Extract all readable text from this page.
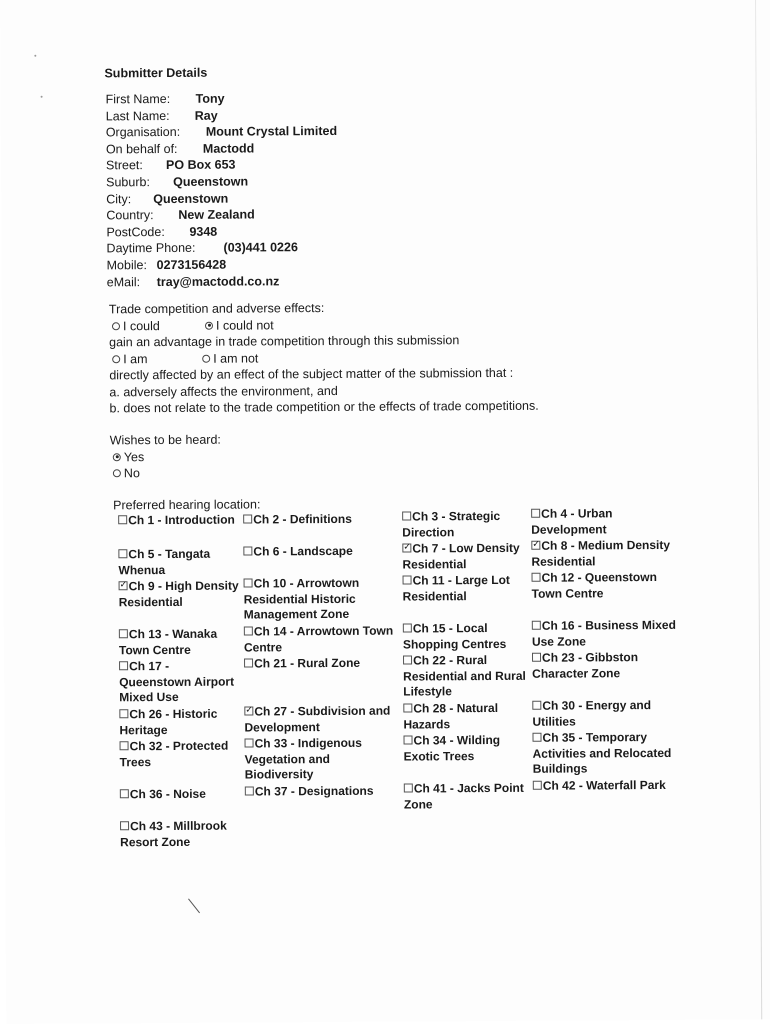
Submitter Details
First Name: Tony
Last Name: Ray
Organisation: Mount Crystal Limited
On behalf of: Mactodd
Street: PO Box 653
Suburb: Queenstown
City: Queenstown
Country: New Zealand
PostCode: 9348
Daytime Phone: (03)441 0226
Mobile: 0273156428
eMail: tray@mactodd.co.nz
Trade competition and adverse effects:
I could	I could not
gain an advantage in trade competition through this submission
I am	I am not
directly affected by an effect of the subject matter of the submission that :
a. adversely affects the environment, and
b. does not relate to the trade competition or the effects of trade competitions.
Wishes to be heard:
Yes
No
Preferred hearing location:
Ch 1 - Introduction	Ch 2 - Definitions	Ch 3 - Strategic Direction
Ch 4 - Urban Development
Ch 5 - Tangata Whenua
Ch 6 - Landscape
✓	Ch 7 - Low Density Residential
✓Ch 8 - Medium Density Residential
✓Ch 9 - High Density Residential
Ch 10 - Arrowtown Residential Historic Management Zone
Ch 11 - Large Lot Residential
Ch 12 - Queenstown Town Centre
Ch 13 - Wanaka Town Centre
Ch 14 - Arrowtown Town Centre
Ch 15 - Local Shopping Centres
Ch 16 - Business Mixed Use Zone
Ch 17 - Queenstown Airport Mixed Use
Ch 21 - Rural Zone	Ch 22 - Rural Residential and Rural Lifestyle
Ch 23 - Gibbston Character Zone
Ch 26 - Historic Heritage
✓Ch 27 - Subdivision and Development
Ch 28 - Natural Hazards
Ch 30 - Energy and Utilities
Ch 32 - Protected Trees
Ch 33 - Indigenous Vegetation and Biodiversity
Ch 34 - Wilding Exotic Trees
Ch 35 - Temporary Activities and Relocated Buildings
Ch 36 - Noise	Ch 37 - Designations	Ch 41 - Jacks Point Zone
Ch 42 - Waterfall Park
Ch 43 - Millbrook Resort Zone
